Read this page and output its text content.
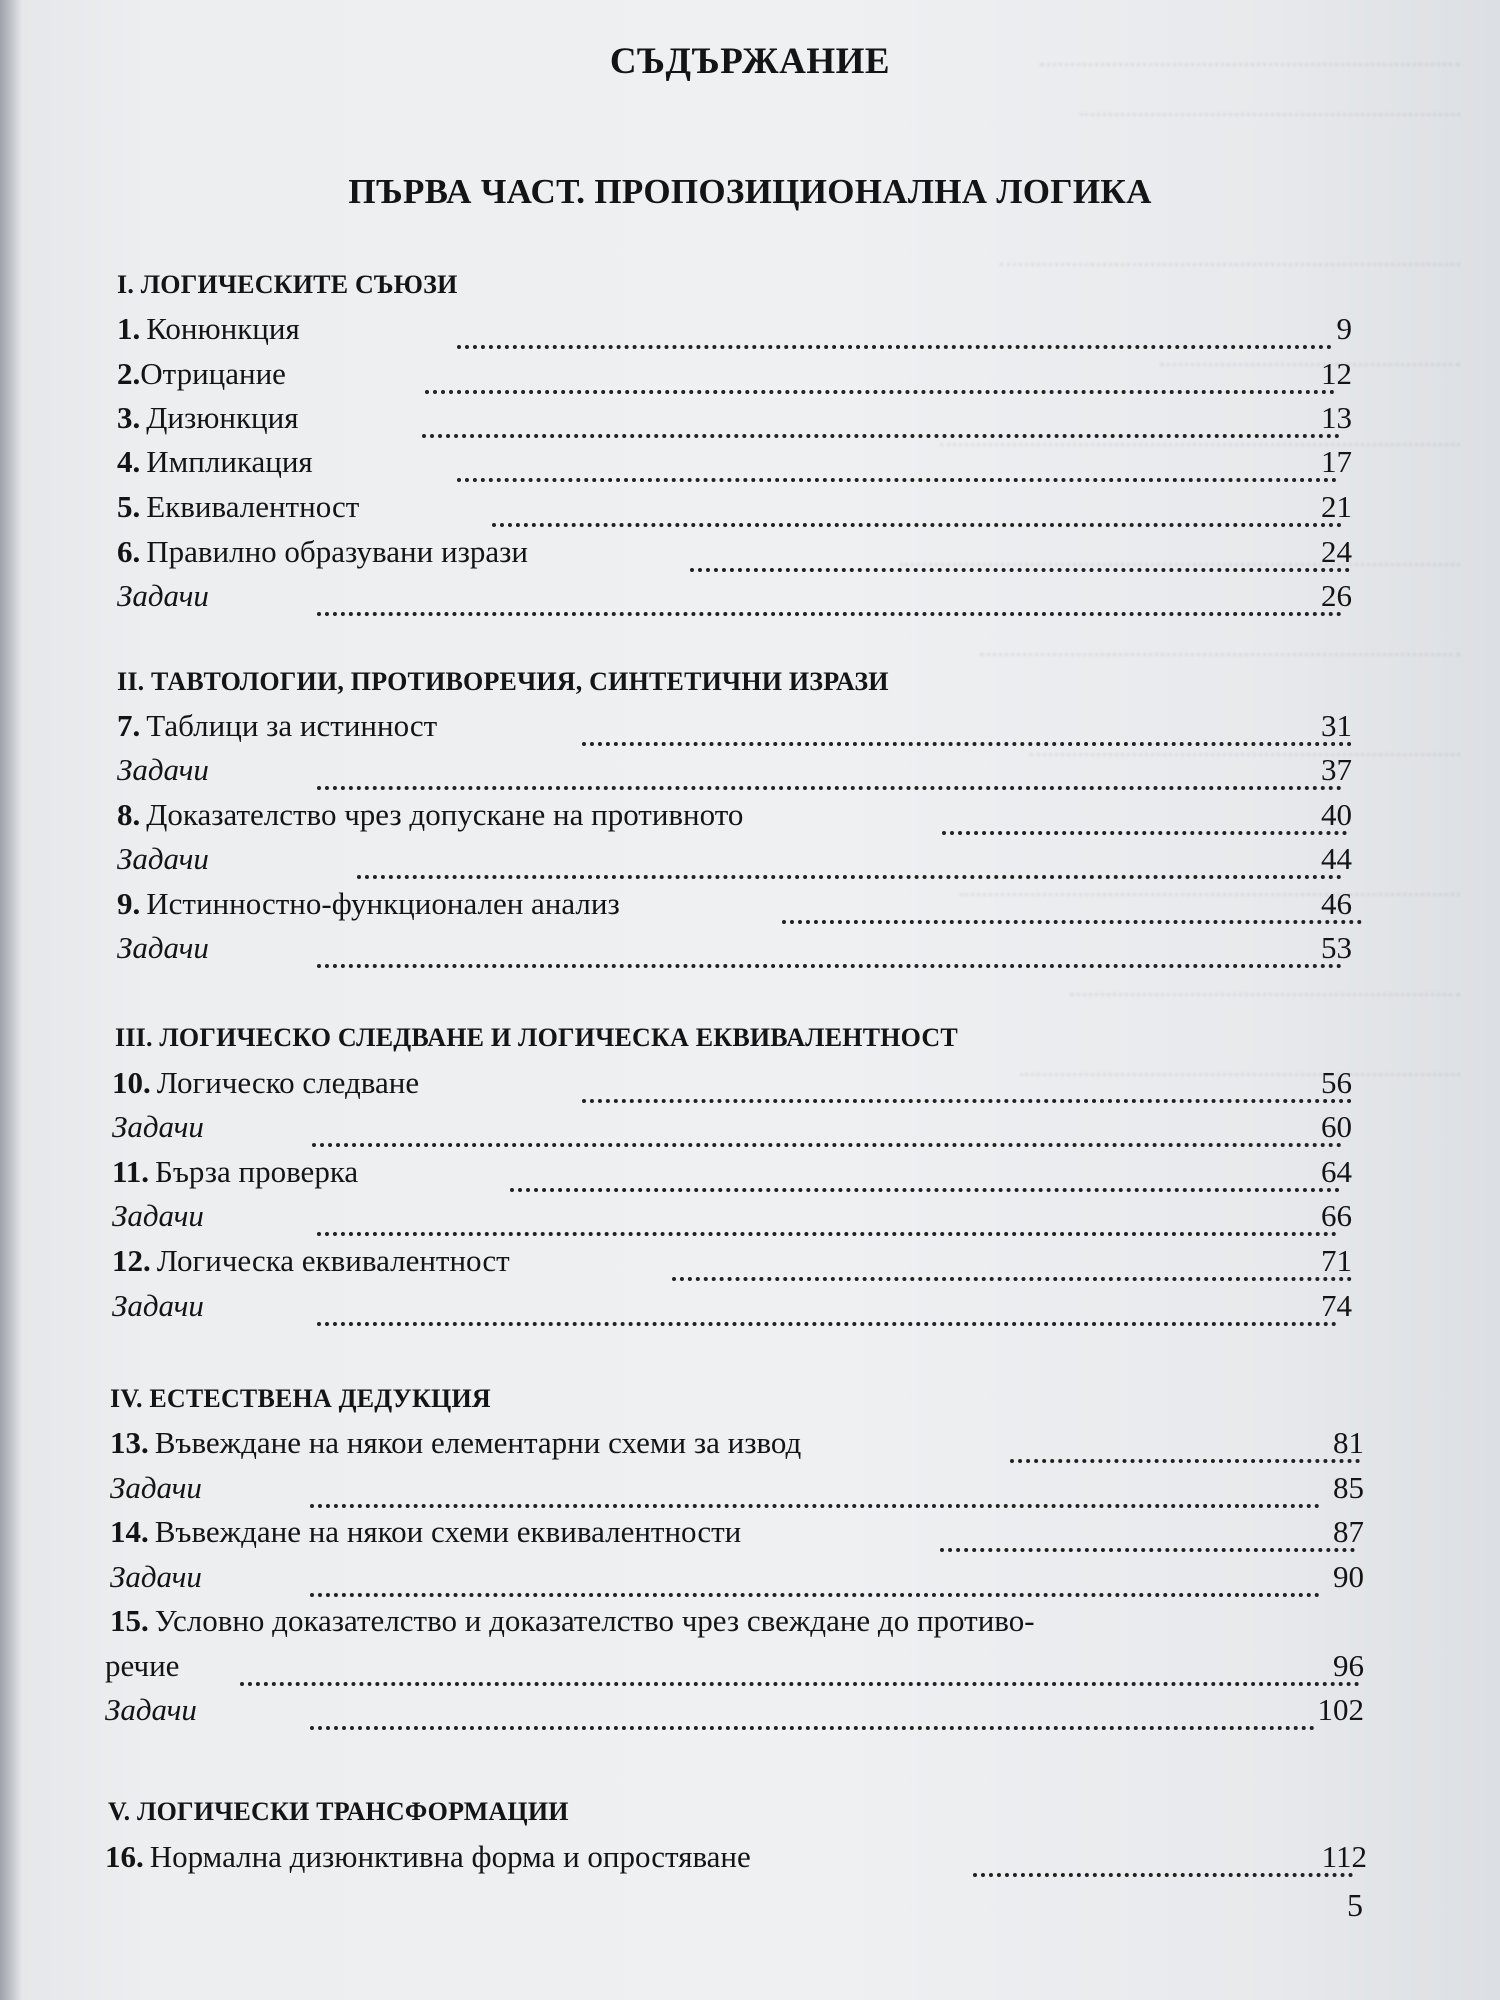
СЪДЪРЖАНИЕ
ПЪРВА ЧАСТ. ПРОПОЗИЦИОНАЛНА ЛОГИКА
I. ЛОГИЧЕСКИТЕ СЪЮЗИ
1. Конюнкция	9
2. Отрицание	12
3. Дизюнкция	13
4. Импликация	17
5. Еквивалентност	21
6. Правилно образувани изрази	24
Задачи	26
II. ТАВТОЛОГИИ, ПРОТИВОРЕЧИЯ, СИНТЕТИЧНИ ИЗРАЗИ
7. Таблици за истинност	31
Задачи	37
8. Доказателство чрез допускане на противното	40
Задачи	44
9. Истинностно-функционален анализ	46
Задачи	53
III. ЛОГИЧЕСКО СЛЕДВАНЕ И ЛОГИЧЕСКА ЕКВИВАЛЕНТНОСТ
10. Логическо следване	56
Задачи	60
11. Бърза проверка	64
Задачи	66
12. Логическа еквивалентност	71
Задачи	74
IV. ЕСТЕСТВЕНА ДЕДУКЦИЯ
13. Въвеждане на някои елементарни схеми за извод	81
Задачи	85
14. Въвеждане на някои схеми еквивалентности	87
Задачи	90
15. Условно доказателство и доказателство чрез свеждане до противо-
речие	96
Задачи	102
V. ЛОГИЧЕСКИ ТРАНСФОРМАЦИИ
16. Нормална дизюнктивна форма и опростяване	112
5
